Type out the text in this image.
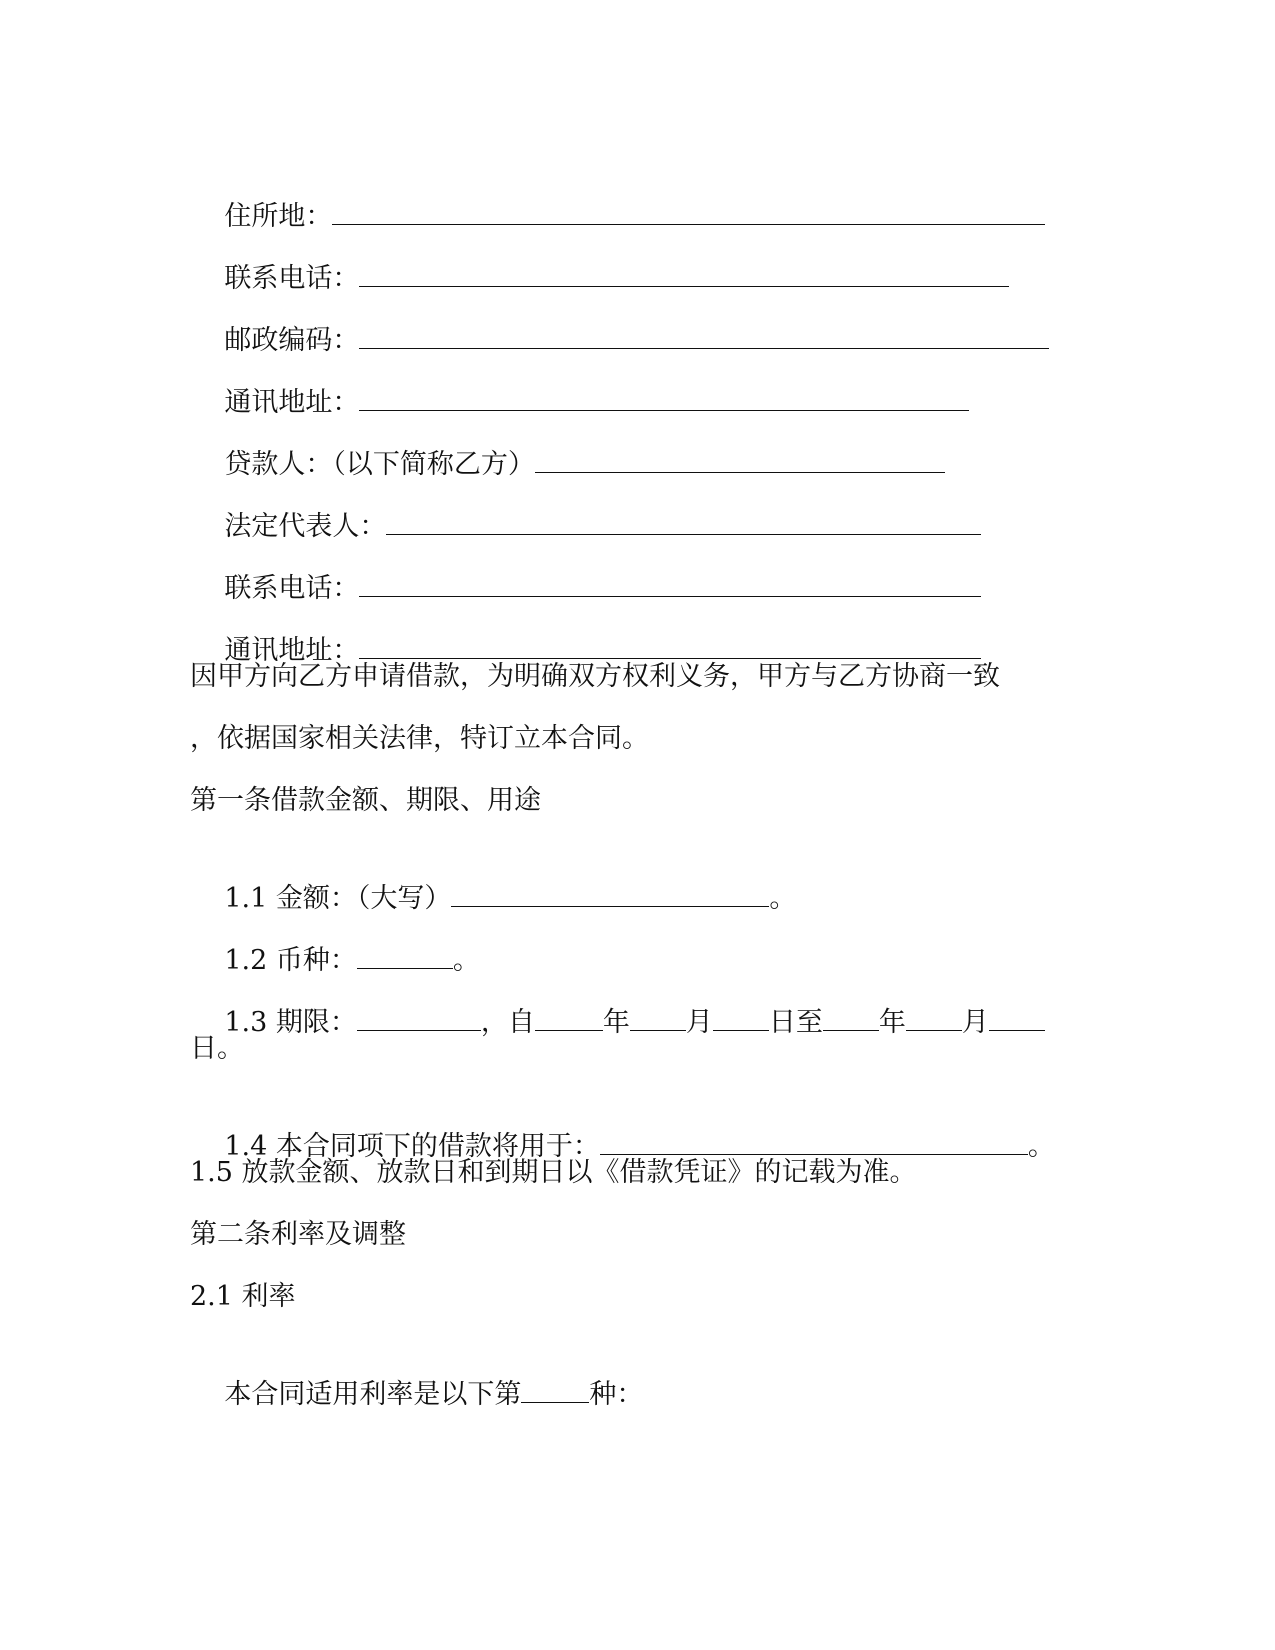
住所地：

联系电话：

邮政编码：

通讯地址：

贷款人：（以下简称乙方）

法定代表人：

联系电话：

通讯地址：

因甲方向乙方申请借款，为明确双方权利义务，甲方与乙方协商一致
，依据国家相关法律，特订立本合同。
第一条借款金额、期限、用途

1.1 金额：（大写）	。

1.2 币种：	。

1.3 期限：	，自	年 月 日至 年 月

日。

1.4 本合同项下的借款将用于：	。

1.5 放款金额、放款日和到期日以《借款凭证》的记载为准。
第二条利率及调整
2.1 利率

本合同适用利率是以下第	种：
